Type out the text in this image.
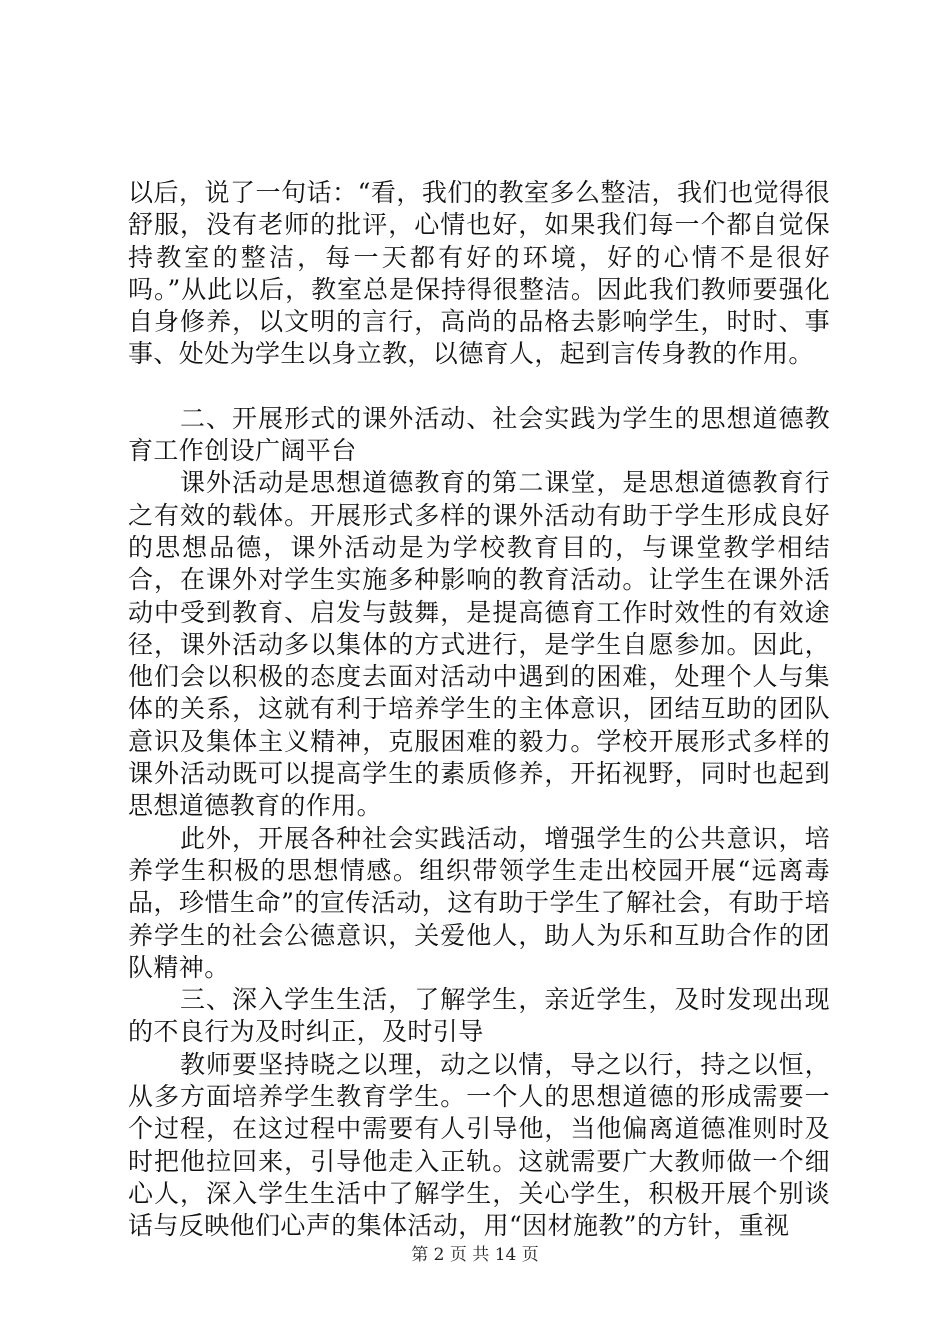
以后，说了一句话：“看，我们的教室多么整洁，我们也觉得很舒服，没有老师的批评，心情也好，如果我们每一个都自觉保持教室的整洁，每一天都有好的环境，好的心情不是很好吗。”从此以后，教室总是保持得很整洁。因此我们教师要强化自身修养，以文明的言行，高尚的品格去影响学生，时时、事事、处处为学生以身立教，以德育人，起到言传身教的作用。

二、开展形式的课外活动、社会实践为学生的思想道德教育工作创设广阔平台

课外活动是思想道德教育的第二课堂，是思想道德教育行之有效的载体。开展形式多样的课外活动有助于学生形成良好的思想品德，课外活动是为学校教育目的，与课堂教学相结合，在课外对学生实施多种影响的教育活动。让学生在课外活动中受到教育、启发与鼓舞，是提高德育工作时效性的有效途径，课外活动多以集体的方式进行，是学生自愿参加。因此，他们会以积极的态度去面对活动中遇到的困难，处理个人与集体的关系，这就有利于培养学生的主体意识，团结互助的团队意识及集体主义精神，克服困难的毅力。学校开展形式多样的课外活动既可以提高学生的素质修养，开拓视野，同时也起到思想道德教育的作用。

此外，开展各种社会实践活动，增强学生的公共意识，培养学生积极的思想情感。组织带领学生走出校园开展“远离毒品，珍惜生命”的宣传活动，这有助于学生了解社会，有助于培养学生的社会公德意识，关爱他人，助人为乐和互助合作的团队精神。

三、深入学生生活，了解学生，亲近学生，及时发现出现的不良行为及时纠正，及时引导

教师要坚持晓之以理，动之以情，导之以行，持之以恒，从多方面培养学生教育学生。一个人的思想道德的形成需要一个过程，在这过程中需要有人引导他，当他偏离道德准则时及时把他拉回来，引导他走入正轨。这就需要广大教师做一个细心人，深入学生生活中了解学生，关心学生，积极开展个别谈话与反映他们心声的集体活动，用“因材施教”的方针，重视

第 2 页 共 14 页
